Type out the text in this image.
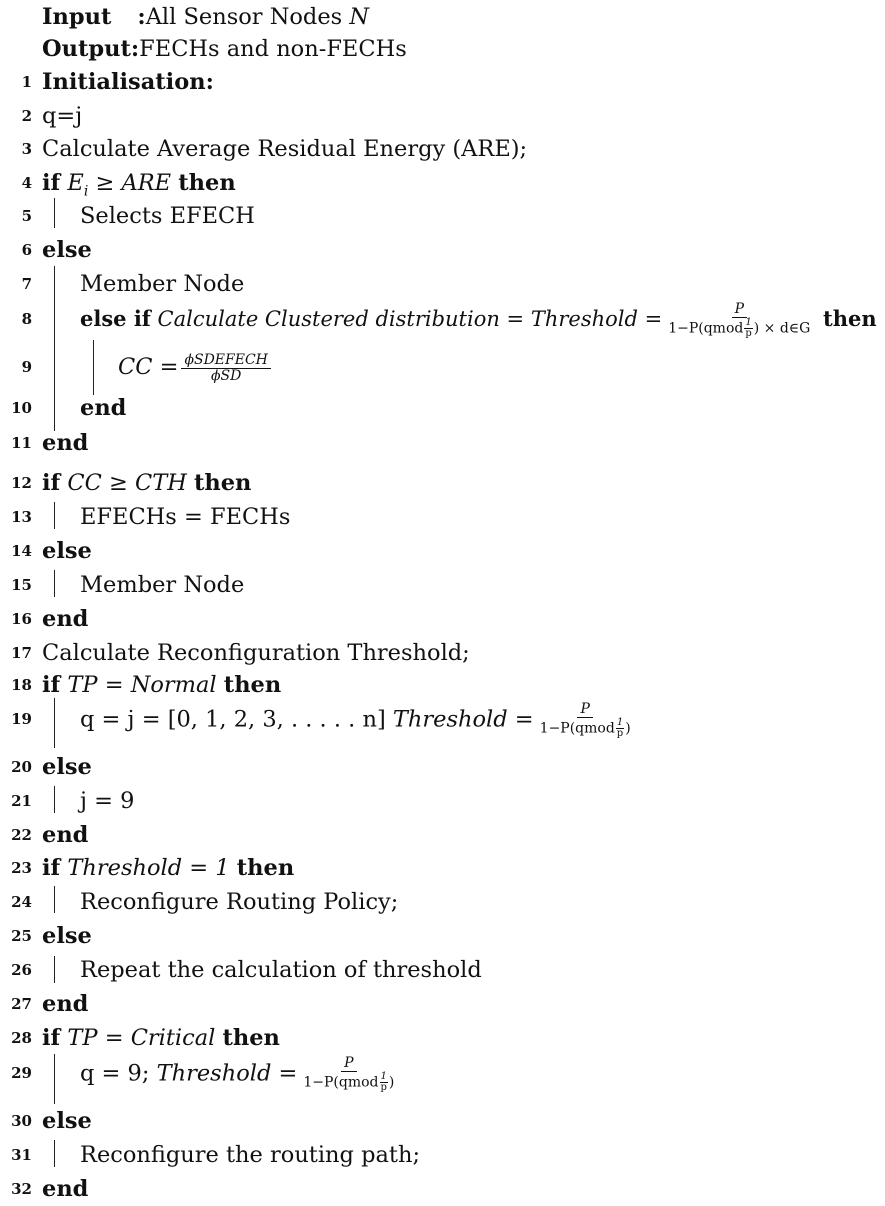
Input :All Sensor Nodes N
Output:FECHs and non-FECHs
1 Initialisation:
2 q=j
3 Calculate Average Residual Energy (ARE);
4 if $E_i$ ≥ ARE then
5 Selects EFECH
6 else
7 Member Node
8 else if Calculate Clustered distribution = Threshold = $\frac{P}{1-P(qmod \frac{1}{p} ) \times d\in G}$ then
9	CC = $\frac{\text{ϕSDEFECH}}{\text{ϕSD}}$
10 end
11 end
12 if CC ≥ CTH then
13 EFECHs = FECHs
14 else
15 Member Node
16 end
17 Calculate Reconfiguration Threshold;
18 if TP = Normal then
19 q = j = [0, 1, 2, 3, . . . . . n] Threshold = $\frac{P}{1-P(qmod \frac{1}{p} )}$
20 else
21 j = 9
22 end
23 if Threshold = 1 then
24 Reconfigure Routing Policy;
25 else
26 Repeat the calculation of threshold
27 end
28 if TP = Critical then
29 q = 9; Threshold = $\frac{P}{1-P(qmod \frac{1}{p} )}$
30 else
31 Reconfigure the routing path;
32 end
